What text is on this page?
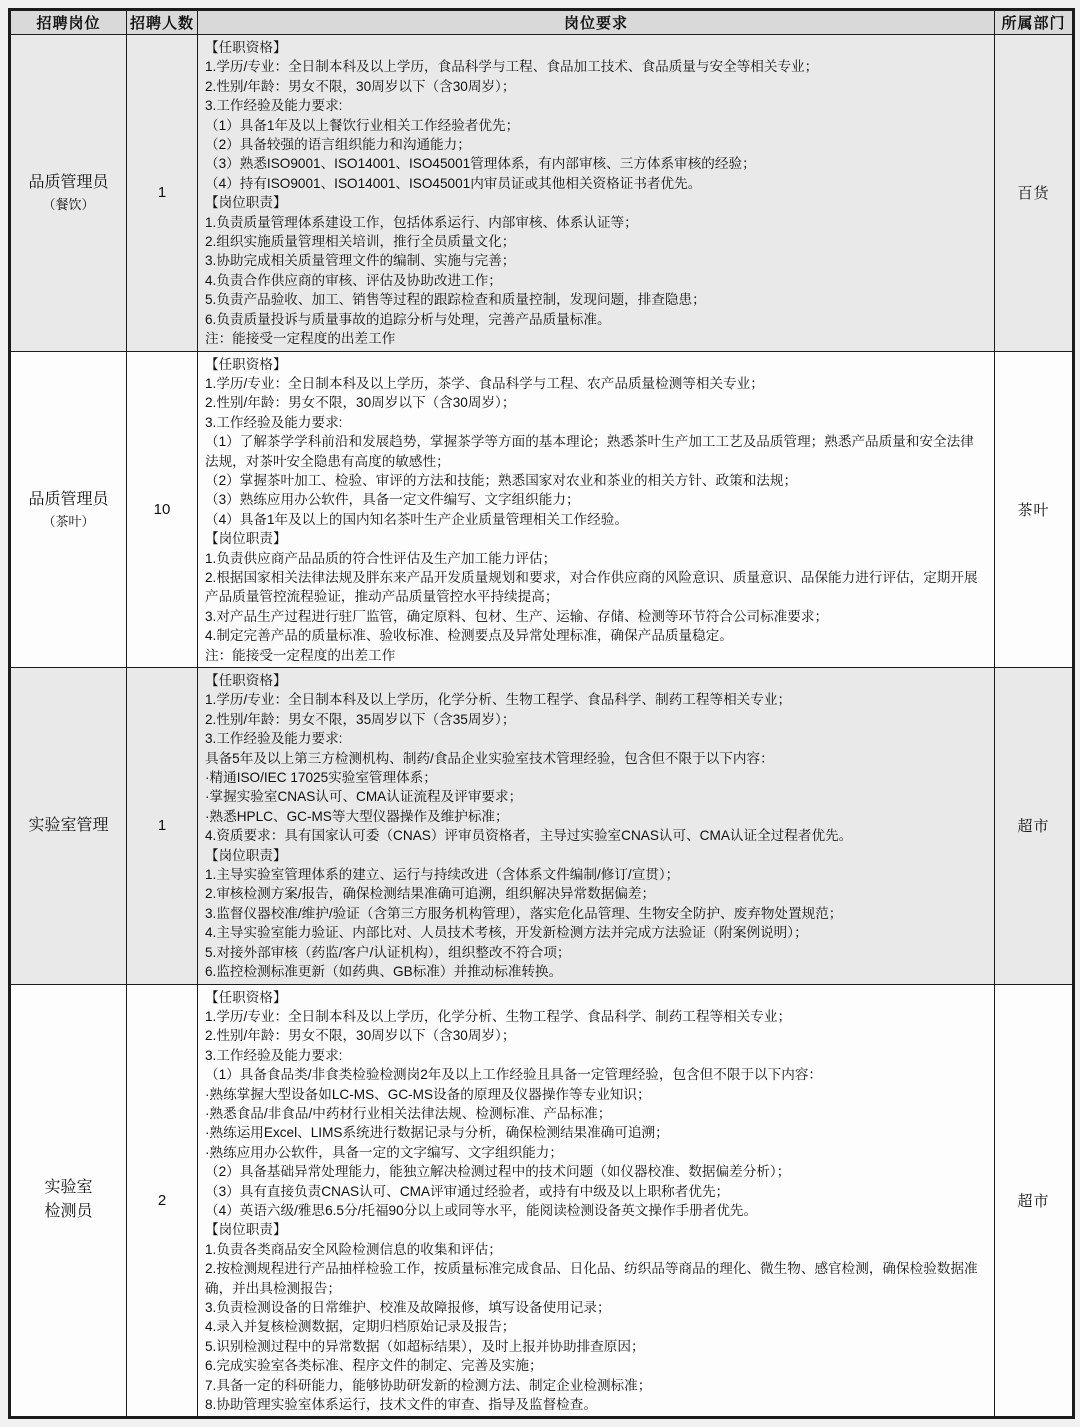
招聘岗位	招聘人数	岗位要求	所属部门

品质管理员
（餐饮）
	1	
【任职资格】
1.学历/专业：全日制本科及以上学历，食品科学与工程、食品加工技术、食品质量与安全等相关专业；
2.性别/年龄：男女不限，30周岁以下（含30周岁）；
3.工作经验及能力要求:
（1）具备1年及以上餐饮行业相关工作经验者优先；
（2）具备较强的语言组织能力和沟通能力；
（3）熟悉ISO9001、ISO14001、ISO45001管理体系，有内部审核、三方体系审核的经验；
（4）持有ISO9001、ISO14001、ISO45001内审员证或其他相关资格证书者优先。
【岗位职责】
1.负责质量管理体系建设工作，包括体系运行、内部审核、体系认证等；
2.组织实施质量管理相关培训，推行全员质量文化；
3.协助完成相关质量管理文件的编制、实施与完善；
4.负责合作供应商的审核、评估及协助改进工作；
5.负责产品验收、加工、销售等过程的跟踪检查和质量控制，发现问题，排查隐患；
6.负责质量投诉与质量事故的追踪分析与处理，完善产品质量标准。
注：能接受一定程度的出差工作
	百货

品质管理员
（茶叶）
	10	
【任职资格】
1.学历/专业：全日制本科及以上学历，茶学、食品科学与工程、农产品质量检测等相关专业；
2.性别/年龄：男女不限，30周岁以下（含30周岁）；
3.工作经验及能力要求:
（1）了解茶学学科前沿和发展趋势，掌握茶学等方面的基本理论；熟悉茶叶生产加工工艺及品质管理；熟悉产品质量和安全法律法规，对茶叶安全隐患有高度的敏感性；
（2）掌握茶叶加工、检验、审评的方法和技能；熟悉国家对农业和茶业的相关方针、政策和法规；
（3）熟练应用办公软件，具备一定文件编写、文字组织能力；
（4）具备1年及以上的国内知名茶叶生产企业质量管理相关工作经验。
【岗位职责】
1.负责供应商产品品质的符合性评估及生产加工能力评估；
2.根据国家相关法律法规及胖东来产品开发质量规划和要求，对合作供应商的风险意识、质量意识、品保能力进行评估，定期开展产品质量管控流程验证，推动产品质量管控水平持续提高；
3.对产品生产过程进行驻厂监管，确定原料、包材、生产、运输、存储、检测等环节符合公司标准要求；
4.制定完善产品的质量标准、验收标准、检测要点及异常处理标准，确保产品质量稳定。
注：能接受一定程度的出差工作
	茶叶

实验室管理	1	
【任职资格】
1.学历/专业：全日制本科及以上学历，化学分析、生物工程学、食品科学、制药工程等相关专业；
2.性别/年龄：男女不限，35周岁以下（含35周岁）；
3.工作经验及能力要求:
具备5年及以上第三方检测机构、制药/食品企业实验室技术管理经验，包含但不限于以下内容：
·精通ISO/IEC 17025实验室管理体系；
·掌握实验室CNAS认可、CMA认证流程及评审要求；
·熟悉HPLC、GC-MS等大型仪器操作及维护标准；
4.资质要求：具有国家认可委（CNAS）评审员资格者，主导过实验室CNAS认可、CMA认证全过程者优先。
【岗位职责】
1.主导实验室管理体系的建立、运行与持续改进（含体系文件编制/修订/宣贯）；
2.审核检测方案/报告，确保检测结果准确可追溯，组织解决异常数据偏差；
3.监督仪器校准/维护/验证（含第三方服务机构管理），落实危化品管理、生物安全防护、废弃物处置规范；
4.主导实验室能力验证、内部比对、人员技术考核，开发新检测方法并完成方法验证（附案例说明）；
5.对接外部审核（药监/客户/认证机构），组织整改不符合项；
6.监控检测标准更新（如药典、GB标准）并推动标准转换。
	超市

实验室
检测员
	2	
【任职资格】
1.学历/专业：全日制本科及以上学历，化学分析、生物工程学、食品科学、制药工程等相关专业；
2.性别/年龄：男女不限，30周岁以下（含30周岁）；
3.工作经验及能力要求:
（1）具备食品类/非食类检验检测岗2年及以上工作经验且具备一定管理经验，包含但不限于以下内容：
·熟练掌握大型设备如LC-MS、GC-MS设备的原理及仪器操作等专业知识；
·熟悉食品/非食品/中药材行业相关法律法规、检测标准、产品标准；
·熟练运用Excel、LIMS系统进行数据记录与分析，确保检测结果准确可追溯；
·熟练应用办公软件，具备一定的文字编写、文字组织能力；
（2）具备基础异常处理能力，能独立解决检测过程中的技术问题（如仪器校准、数据偏差分析）；
（3）具有直接负责CNAS认可、CMA评审通过经验者，或持有中级及以上职称者优先；
（4）英语六级/雅思6.5分/托福90分以上或同等水平，能阅读检测设备英文操作手册者优先。
【岗位职责】
1.负责各类商品安全风险检测信息的收集和评估；
2.按检测规程进行产品抽样检验工作，按质量标准完成食品、日化品、纺织品等商品的理化、微生物、感官检测，确保检验数据准确，并出具检测报告；
3.负责检测设备的日常维护、校准及故障报修，填写设备使用记录；
4.录入并复核检测数据，定期归档原始记录及报告；
5.识别检测过程中的异常数据（如超标结果），及时上报并协助排查原因；
6.完成实验室各类标准、程序文件的制定、完善及实施；
7.具备一定的科研能力，能够协助研发新的检测方法、制定企业检测标准；
8.协助管理实验室体系运行，技术文件的审查、指导及监督检查。
	超市
